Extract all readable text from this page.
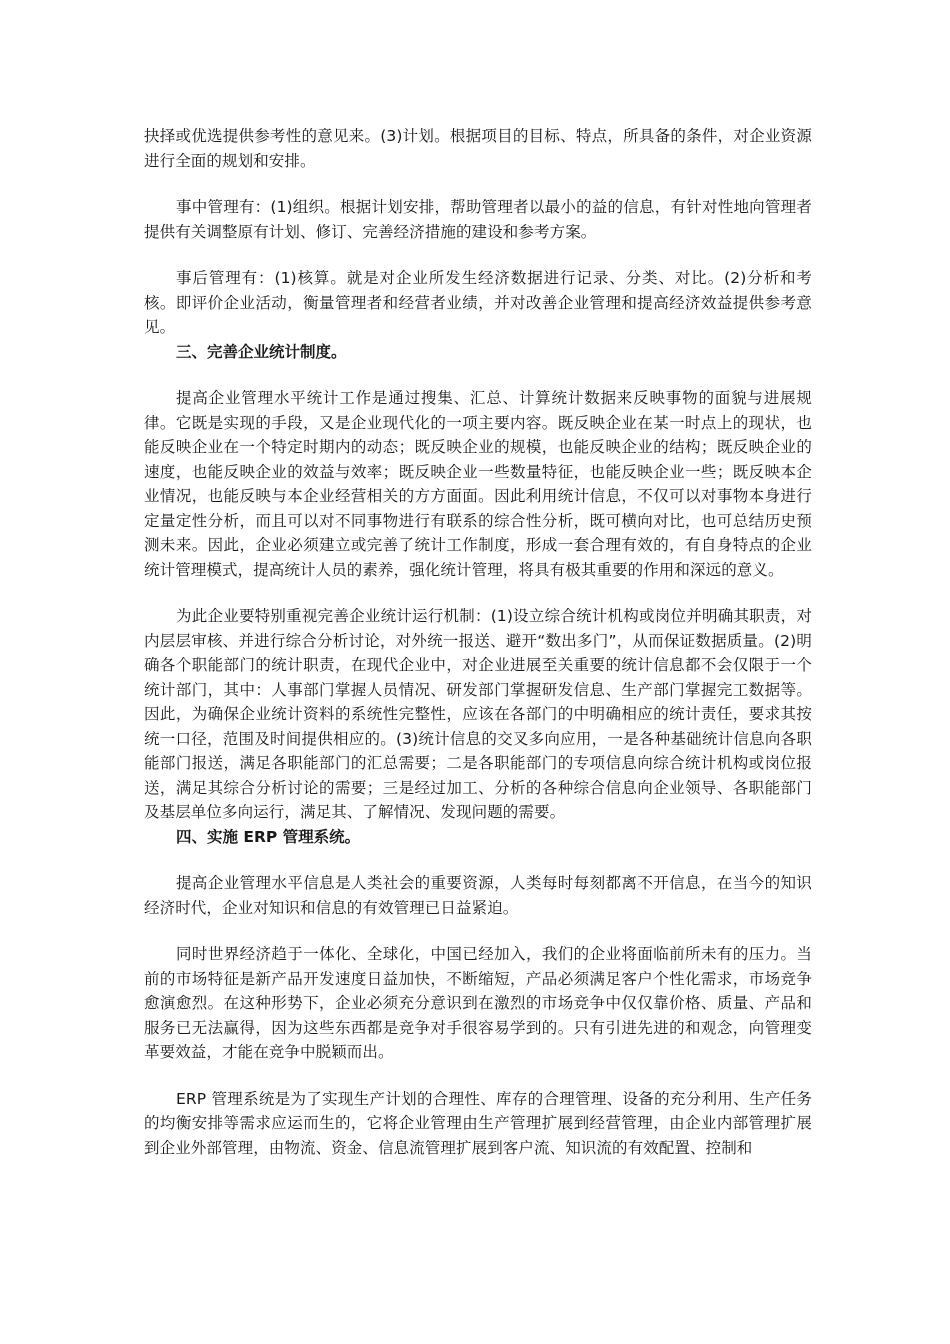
抉择或优选提供参考性的意见来。(3)计划。根据项目的目标、特点，所具备的条件，对企业资源进行全面的规划和安排。

事中管理有：(1)组织。根据计划安排，帮助管理者以最小的益的信息，有针对性地向管理者提供有关调整原有计划、修订、完善经济措施的建设和参考方案。

事后管理有：(1)核算。就是对企业所发生经济数据进行记录、分类、对比。(2)分析和考核。即评价企业活动，衡量管理者和经营者业绩，并对改善企业管理和提高经济效益提供参考意见。

三、完善企业统计制度。

提高企业管理水平统计工作是通过搜集、汇总、计算统计数据来反映事物的面貌与进展规律。它既是实现的手段，又是企业现代化的一项主要内容。既反映企业在某一时点上的现状，也能反映企业在一个特定时期内的动态；既反映企业的规模，也能反映企业的结构；既反映企业的速度，也能反映企业的效益与效率；既反映企业一些数量特征，也能反映企业一些；既反映本企业情况，也能反映与本企业经营相关的方方面面。因此利用统计信息，不仅可以对事物本身进行定量定性分析，而且可以对不同事物进行有联系的综合性分析，既可横向对比，也可总结历史预测未来。因此，企业必须建立或完善了统计工作制度，形成一套合理有效的，有自身特点的企业统计管理模式，提高统计人员的素养，强化统计管理，将具有极其重要的作用和深远的意义。

为此企业要特别重视完善企业统计运行机制：(1)设立综合统计机构或岗位并明确其职责，对内层层审核、并进行综合分析讨论，对外统一报送、避开“数出多门”，从而保证数据质量。(2)明确各个职能部门的统计职责，在现代企业中，对企业进展至关重要的统计信息都不会仅限于一个统计部门，其中：人事部门掌握人员情况、研发部门掌握研发信息、生产部门掌握完工数据等。因此，为确保企业统计资料的系统性完整性，应该在各部门的中明确相应的统计责任，要求其按统一口径，范围及时间提供相应的。(3)统计信息的交叉多向应用，一是各种基础统计信息向各职能部门报送，满足各职能部门的汇总需要；二是各职能部门的专项信息向综合统计机构或岗位报送，满足其综合分析讨论的需要；三是经过加工、分析的各种综合信息向企业领导、各职能部门及基层单位多向运行，满足其、了解情况、发现问题的需要。

四、实施 ERP 管理系统。

提高企业管理水平信息是人类社会的重要资源，人类每时每刻都离不开信息，在当今的知识经济时代，企业对知识和信息的有效管理已日益紧迫。

同时世界经济趋于一体化、全球化，中国已经加入，我们的企业将面临前所未有的压力。当前的市场特征是新产品开发速度日益加快，不断缩短，产品必须满足客户个性化需求，市场竞争愈演愈烈。在这种形势下，企业必须充分意识到在激烈的市场竞争中仅仅靠价格、质量、产品和服务已无法赢得，因为这些东西都是竞争对手很容易学到的。只有引进先进的和观念，向管理变革要效益，才能在竞争中脱颖而出。

ERP 管理系统是为了实现生产计划的合理性、库存的合理管理、设备的充分利用、生产任务的均衡安排等需求应运而生的，它将企业管理由生产管理扩展到经营管理，由企业内部管理扩展到企业外部管理，由物流、资金、信息流管理扩展到客户流、知识流的有效配置、控制和
